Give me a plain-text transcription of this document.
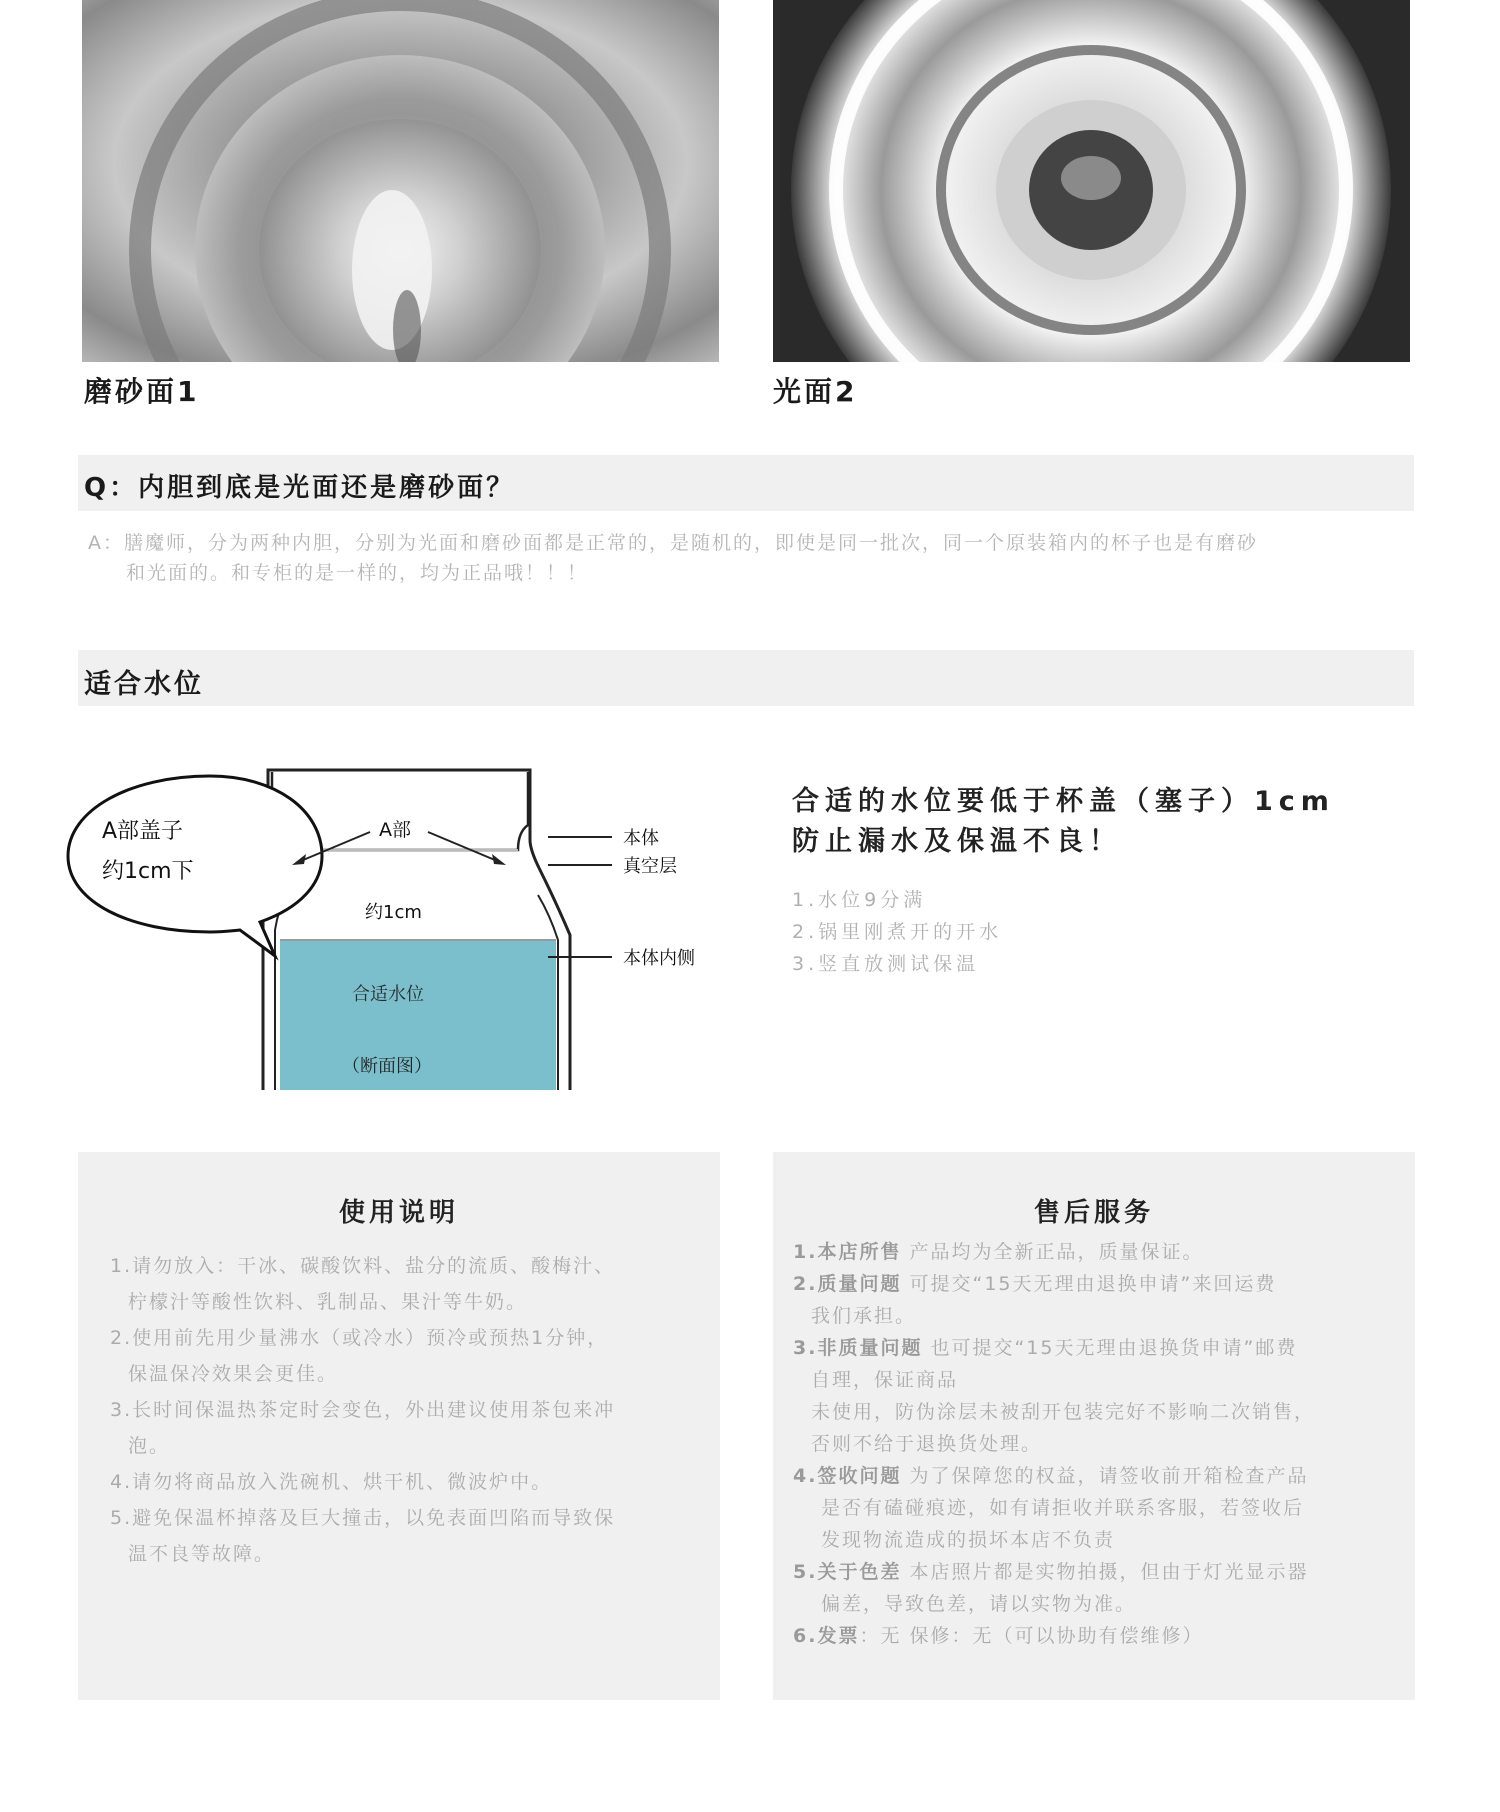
磨砂面1	光面2
Q：内胆到底是光面还是磨砂面？
A：膳魔师，分为两种内胆，分别为光面和磨砂面都是正常的，是随机的，即使是同一批次，同一个原装箱内的杯子也是有磨砂
和光面的。和专柜的是一样的，均为正品哦！！！
适合水位
A部盖子
约1cm下
A部	本体
真空层
约1cm
本体内侧
合适水位
（断面图）
合适的水位要低于杯盖（塞子）1cm
防止漏水及保温不良！
1.水位9分满
2.锅里刚煮开的开水
3.竖直放测试保温
使用说明
1.请勿放入：干冰、碳酸饮料、盐分的流质、酸梅汁、
柠檬汁等酸性饮料、乳制品、果汁等牛奶。
2.使用前先用少量沸水（或冷水）预冷或预热1分钟，
保温保冷效果会更佳。
3.长时间保温热茶定时会变色，外出建议使用茶包来冲
泡。
4.请勿将商品放入洗碗机、烘干机、微波炉中。
5.避免保温杯掉落及巨大撞击，以免表面凹陷而导致保
温不良等故障。
售后服务
1.本店所售 产品均为全新正品，质量保证。
2.质量问题 可提交“15天无理由退换申请”来回运费
我们承担。
3.非质量问题 也可提交“15天无理由退换货申请”邮费
自理，保证商品
未使用，防伪涂层未被刮开包装完好不影响二次销售，
否则不给于退换货处理。
4.签收问题 为了保障您的权益，请签收前开箱检查产品
是否有磕碰痕迹，如有请拒收并联系客服，若签收后
发现物流造成的损坏本店不负责
5.关于色差 本店照片都是实物拍摄，但由于灯光显示器
偏差，导致色差，请以实物为准。
6.发票：无 保修：无（可以协助有偿维修）
